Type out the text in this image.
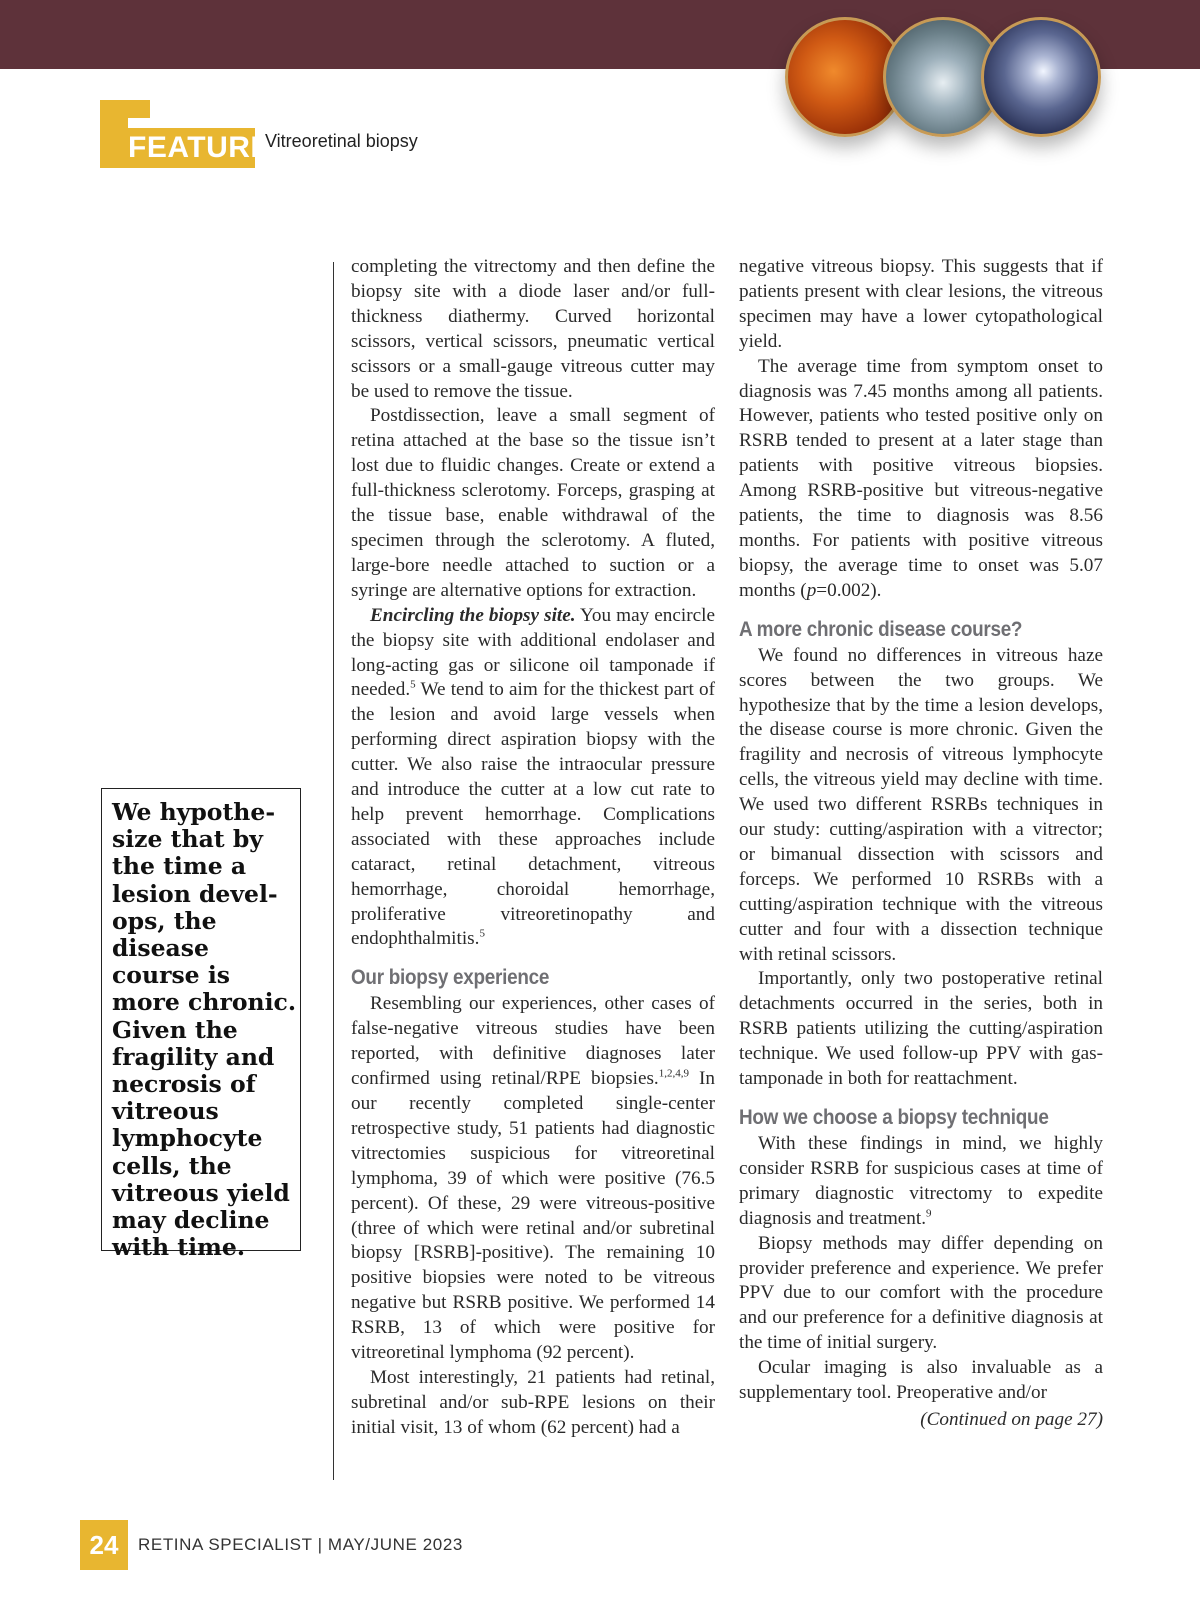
FEATURE
Vitreoretinal biopsy
We hypothe-size that by the time a lesion devel-ops, the disease course is more chronic. Given the fragility and necrosis of vitreous lymphocyte cells, the vitreous yield may decline with time.

completing the vitrectomy and then define the biopsy site with a diode laser and/or full-thickness diathermy. Curved horizontal scissors, vertical scissors, pneumatic vertical scissors or a small-gauge vitreous cutter may be used to remove the tissue.

Postdissection, leave a small segment of retina attached at the base so the tissue isn’t lost due to fluidic changes. Create or extend a full-thickness sclerotomy. Forceps, grasping at the tissue base, enable withdrawal of the specimen through the sclerotomy. A fluted, large-bore needle attached to suction or a syringe are alternative options for extraction.

Encircling the biopsy site. You may encircle the biopsy site with additional endolaser and long-acting gas or silicone oil tamponade if needed.$^5$ We tend to aim for the thickest part of the lesion and avoid large vessels when performing direct aspiration biopsy with the cutter. We also raise the intraocular pressure and introduce the cutter at a low cut rate to help prevent hemorrhage. Complications associated with these approaches include cataract, retinal detachment, vitreous hemorrhage, choroidal hemorrhage, proliferative vitreoretinopathy and endophthalmitis.$^5$

Our biopsy experience

Resembling our experiences, other cases of false-negative vitreous studies have been reported, with definitive diagnoses later confirmed using retinal/RPE biopsies.$^{1,2,4,9}$ In our recently completed single-center retrospective study, 51 patients had diagnostic vitrectomies suspicious for vitreoretinal lymphoma, 39 of which were positive (76.5 percent). Of these, 29 were vitreous-positive (three of which were retinal and/or subretinal biopsy [RSRB]-positive). The remaining 10 positive biopsies were noted to be vitreous negative but RSRB positive. We performed 14 RSRB, 13 of which were positive for vitreoretinal lymphoma (92 percent).

Most interestingly, 21 patients had retinal, subretinal and/or sub-RPE lesions on their initial visit, 13 of whom (62 percent) had a

negative vitreous biopsy. This suggests that if patients present with clear lesions, the vitreous specimen may have a lower cytopathological yield.

The average time from symptom onset to diagnosis was 7.45 months among all patients. However, patients who tested positive only on RSRB tended to present at a later stage than patients with positive vitreous biopsies. Among RSRB-positive but vitreous-negative patients, the time to diagnosis was 8.56 months. For patients with positive vitreous biopsy, the average time to onset was 5.07 months (p=0.002).

A more chronic disease course?

We found no differences in vitreous haze scores between the two groups. We hypothesize that by the time a lesion develops, the disease course is more chronic. Given the fragility and necrosis of vitreous lymphocyte cells, the vitreous yield may decline with time. We used two different RSRBs techniques in our study: cutting/aspiration with a vitrector; or bimanual dissection with scissors and forceps. We performed 10 RSRBs with a cutting/aspiration technique with the vitreous cutter and four with a dissection technique with retinal scissors.

Importantly, only two postoperative retinal detachments occurred in the series, both in RSRB patients utilizing the cutting/aspiration technique. We used follow-up PPV with gas-tamponade in both for reattachment.

How we choose a biopsy technique

With these findings in mind, we highly consider RSRB for suspicious cases at time of primary diagnostic vitrectomy to expedite diagnosis and treatment.$^9$

Biopsy methods may differ depending on provider preference and experience. We prefer PPV due to our comfort with the procedure and our preference for a definitive diagnosis at the time of initial surgery.

Ocular imaging is also invaluable as a supplementary tool. Preoperative and/or

(Continued on page 27)
24	RETINA SPECIALIST | MAY/JUNE 2023
